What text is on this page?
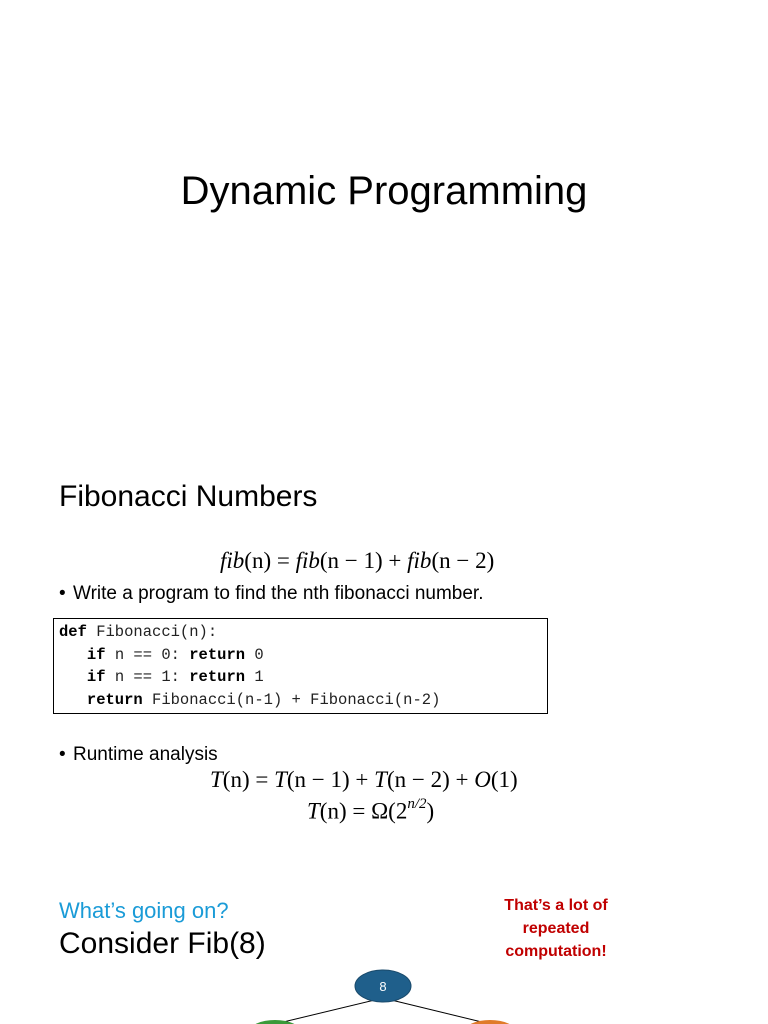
Dynamic Programming
Fibonacci Numbers
fib(n) = fib(n − 1) + fib(n − 2)
• Write a program to find the nth fibonacci number.
def Fibonacci(n):
if n == 0: return 0
if n == 1: return 1
return Fibonacci(n-1) + Fibonacci(n-2)
• Runtime analysis
T(n) = T(n − 1) + T(n − 2) + O(1)
$T(n) = \Omega(2^{n/2})$
What’s going on?
Consider Fib(8)
That’s a lot of repeated computation!
8
